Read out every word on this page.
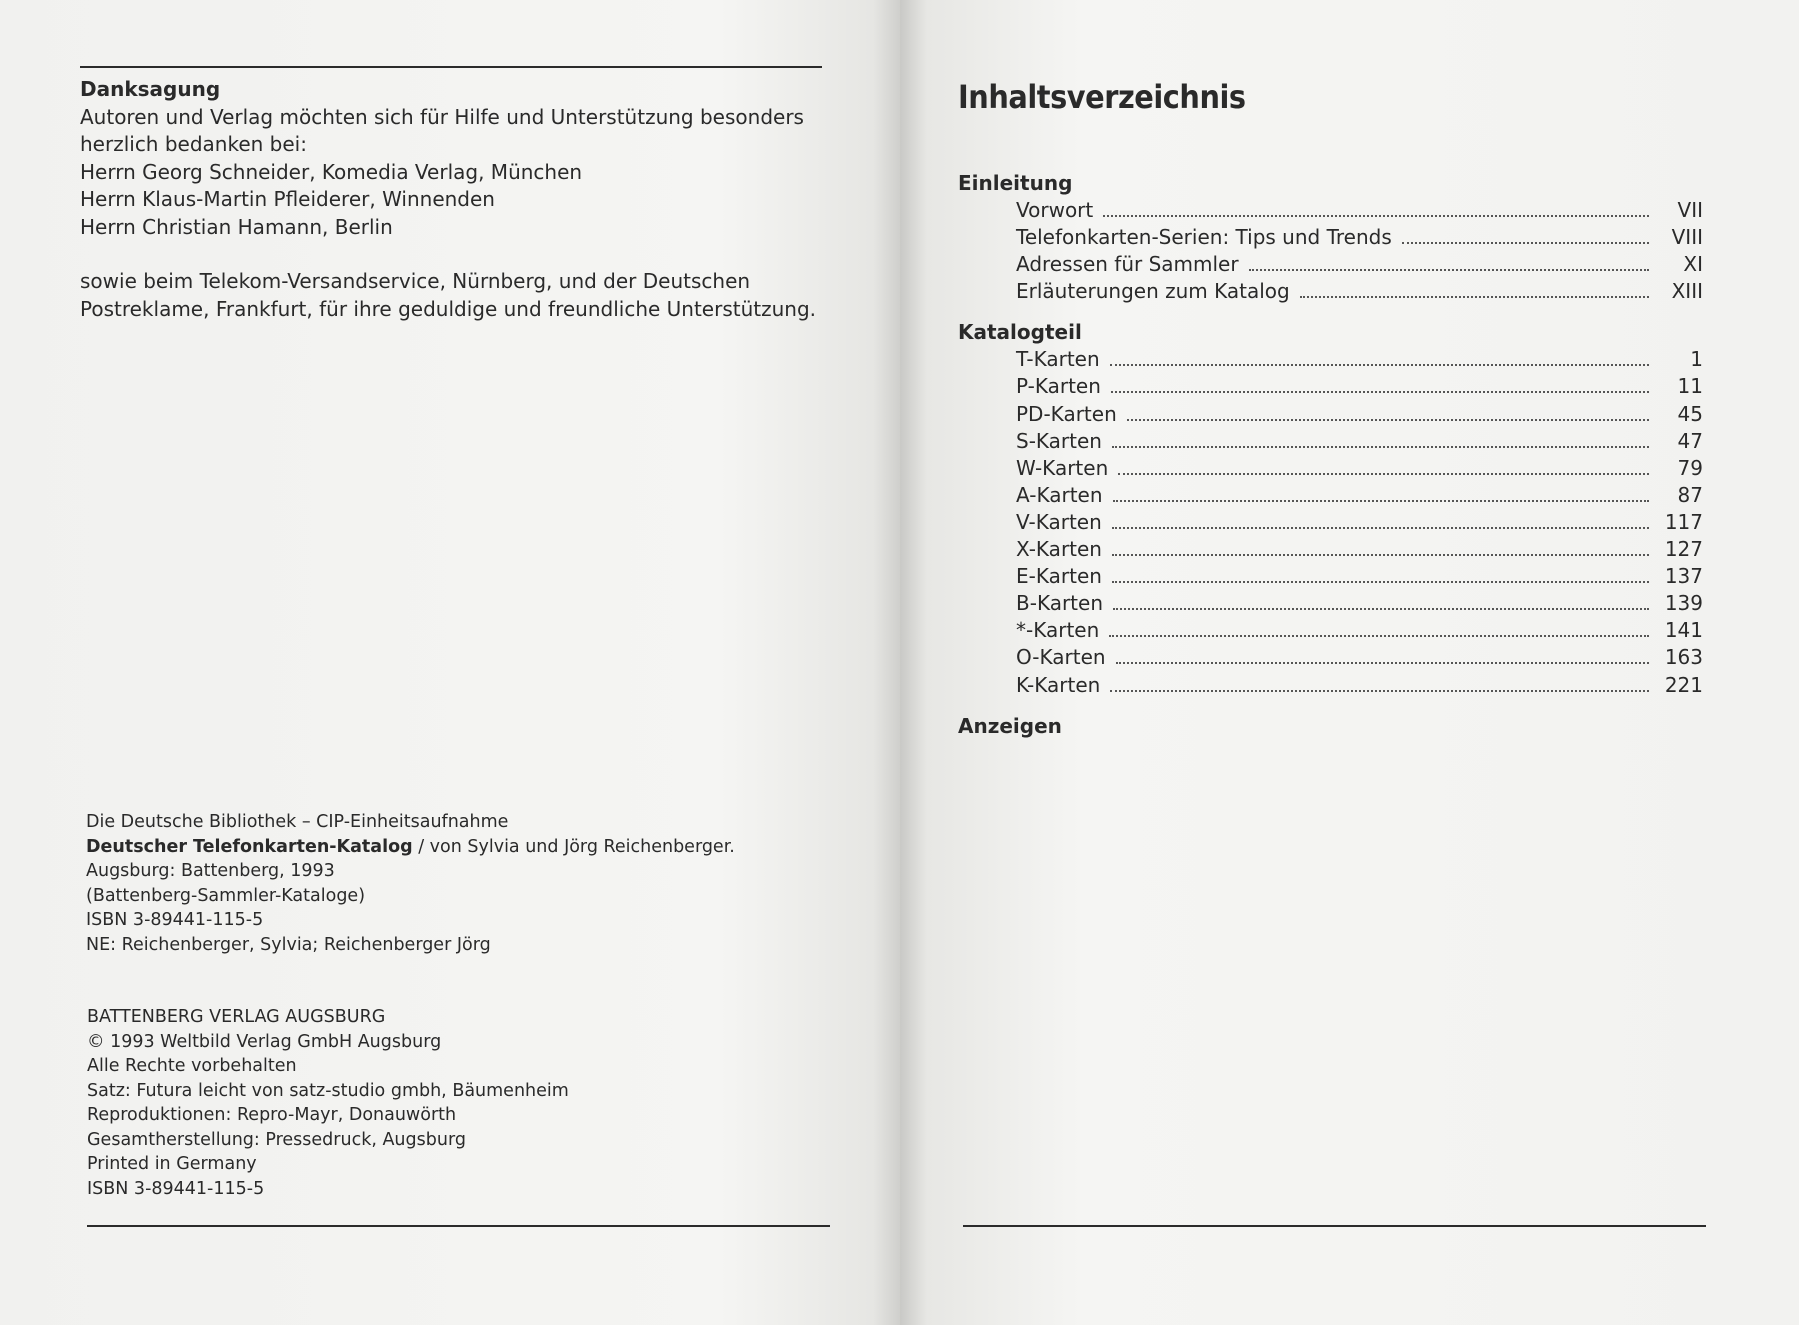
Danksagung
Autoren und Verlag möchten sich für Hilfe und Unterstützung besonders
herzlich bedanken bei:
Herrn Georg Schneider, Komedia Verlag, München
Herrn Klaus-Martin Pfleiderer, Winnenden
Herrn Christian Hamann, Berlin
sowie beim Telekom-Versandservice, Nürnberg, und der Deutschen
Postreklame, Frankfurt, für ihre geduldige und freundliche Unterstützung.
Die Deutsche Bibliothek – CIP-Einheitsaufnahme
Deutscher Telefonkarten-Katalog / von Sylvia und Jörg Reichenberger.
Augsburg: Battenberg, 1993
(Battenberg-Sammler-Kataloge)
ISBN 3-89441-115-5
NE: Reichenberger, Sylvia; Reichenberger Jörg
BATTENBERG VERLAG AUGSBURG
© 1993 Weltbild Verlag GmbH Augsburg
Alle Rechte vorbehalten
Satz: Futura leicht von satz-studio gmbh, Bäumenheim
Reproduktionen: Repro-Mayr, Donauwörth
Gesamtherstellung: Pressedruck, Augsburg
Printed in Germany
ISBN 3-89441-115-5
Inhaltsverzeichnis
Einleitung
Vorwort	VII
Telefonkarten-Serien: Tips und Trends	VIII
Adressen für Sammler	XI
Erläuterungen zum Katalog	XIII
Katalogteil
T-Karten	1
P-Karten	11
PD-Karten	45
S-Karten	47
W-Karten	79
A-Karten	87
V-Karten	117
X-Karten	127
E-Karten	137
B-Karten	139
*-Karten	141
O-Karten	163
K-Karten	221
Anzeigen
